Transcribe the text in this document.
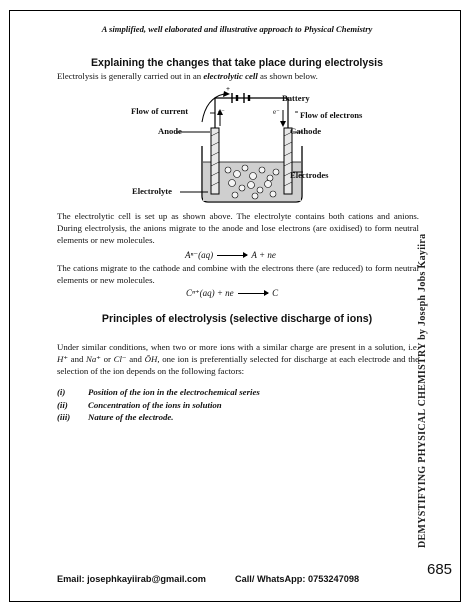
A simplified, well elaborated and illustrative approach to Physical Chemistry
Explaining the changes that take place during electrolysis
Electrolysis is generally carried out in an electrolytic cell as shown below.
+
e⁻	e⁻
Battery
Flow of current	Flow of electrons
Anode	Cathode
Electrodes
Electrolyte
The electrolytic cell is set up as shown above. The electrolyte contains both cations and anions. During electrolysis, the anions migrate to the anode and lose electrons (are oxidised) to form neutral elements or new molecules.
Aⁿ⁻(aq) → A + ne
The cations migrate to the cathode and combine with the electrons there (are reduced) to form neutral elements or new molecules.
Cⁿ⁺(aq) + ne → C
Principles of electrolysis (selective discharge of ions)
Under similar conditions, when two or more ions with a similar charge are present in a solution, i.e. H⁺ and Na⁺ or Cl⁻ and ŌH, one ion is preferentially selected for discharge at each electrode and the selection of the ion depends on the following factors:
(i)	Position of the ion in the electrochemical series
(ii)	Concentration of the ions in solution
(iii)	Nature of the electrode.	DEMYSTIFYING PHYSICAL CHEMISTRY by Joseph Jobs Kayiira
685
Email: josephkayiirab@gmail.com	Call/ WhatsApp: 0753247098
